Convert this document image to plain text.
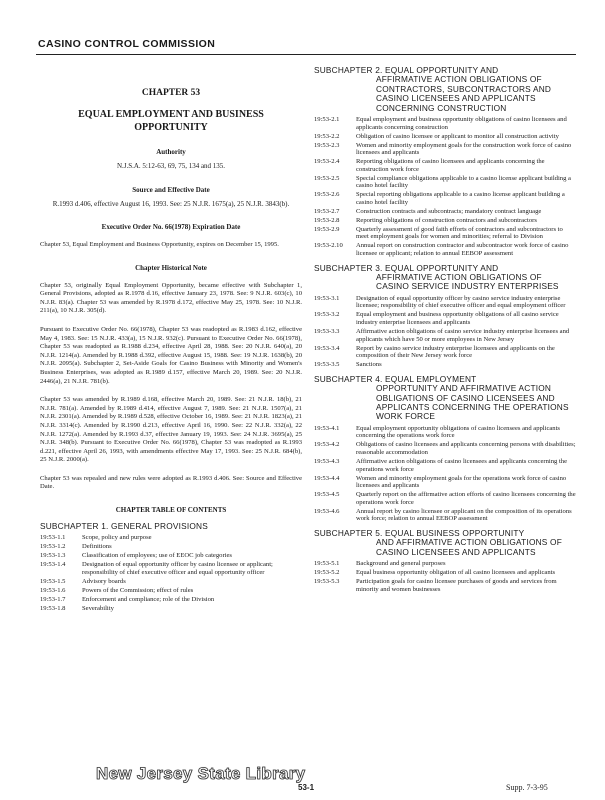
CASINO CONTROL COMMISSION
CHAPTER 53
EQUAL EMPLOYMENT AND BUSINESS OPPORTUNITY
Authority
N.J.S.A. 5:12-63, 69, 75, 134 and 135.
Source and Effective Date
R.1993 d.406, effective August 16, 1993. See: 25 N.J.R. 1675(a), 25 N.J.R. 3843(b).
Executive Order No. 66(1978) Expiration Date
Chapter 53, Equal Employment and Business Opportunity, expires on December 15, 1995.
Chapter Historical Note
Chapter 53, originally Equal Employment Opportunity, became effective with Subchapter 1, General Provisions, adopted as R.1978 d.16, effective January 23, 1978. See: 9 N.J.R. 603(c), 10 N.J.R. 83(a). Chapter 53 was amended by R.1978 d.172, effective May 25, 1978. See: 10 N.J.R. 211(a), 10 N.J.R. 305(d).
Pursuant to Executive Order No. 66(1978), Chapter 53 was readopted as R.1983 d.162, effective May 4, 1983. See: 15 N.J.R. 433(a), 15 N.J.R. 932(c). Pursuant to Executive Order No. 66(1978), Chapter 53 was readopted as R.1988 d.234, effective April 28, 1988. See: 20 N.J.R. 640(a), 20 N.J.R. 1214(a). Amended by R.1988 d.392, effective August 15, 1988. See: 19 N.J.R. 1638(b), 20 N.J.R. 2095(a). Subchapter 2, Set-Aside Goals for Casino Business with Minority and Women's Business Enterprises, was adopted as R.1989 d.157, effective March 20, 1989. See: 20 N.J.R. 2446(a), 21 N.J.R. 781(b).
Chapter 53 was amended by R.1989 d.168, effective March 20, 1989. See: 21 N.J.R. 18(b), 21 N.J.R. 781(a). Amended by R.1989 d.414, effective August 7, 1989. See: 21 N.J.R. 1507(a), 21 N.J.R. 2301(a). Amended by R.1989 d.528, effective October 16, 1989. See: 21 N.J.R. 1823(a), 21 N.J.R. 3314(c). Amended by R.1990 d.213, effective April 16, 1990. See: 22 N.J.R. 332(a), 22 N.J.R. 1272(a). Amended by R.1993 d.37, effective January 19, 1993. See: 24 N.J.R. 3695(a), 25 N.J.R. 348(b). Pursuant to Executive Order No. 66(1978), Chapter 53 was readopted as R.1993 d.221, effective April 26, 1993, with amendments effective May 17, 1993. See: 25 N.J.R. 684(b), 25 N.J.R. 2000(a).
Chapter 53 was repealed and new rules were adopted as R.1993 d.406. See: Source and Effective Date.
CHAPTER TABLE OF CONTENTS
SUBCHAPTER 1. GENERAL PROVISIONS
19:53-1.1	Scope, policy and purpose
19:53-1.2	Definitions
19:53-1.3	Classification of employees; use of EEOC job categories
19:53-1.4	Designation of equal opportunity officer by casino licensee or applicant; responsibility of chief executive officer and equal opportunity officer
19:53-1.5	Advisory boards
19:53-1.6	Powers of the Commission; effect of rules
19:53-1.7	Enforcement and compliance; role of the Division
19:53-1.8	Severability
SUBCHAPTER 2. EQUAL OPPORTUNITY AND
AFFIRMATIVE ACTION OBLIGATIONS OF
CONTRACTORS, SUBCONTRACTORS AND
CASINO LICENSEES AND APPLICANTS
CONCERNING CONSTRUCTION
19:53-2.1	Equal employment and business opportunity obligations of casino licensees and applicants concerning construction
19:53-2.2	Obligation of casino licensee or applicant to monitor all construction activity
19:53-2.3	Women and minority employment goals for the construction work force of casino licensees and applicants
19:53-2.4	Reporting obligations of casino licensees and applicants concerning the construction work force
19:53-2.5	Special compliance obligations applicable to a casino license applicant building a casino hotel facility
19:53-2.6	Special reporting obligations applicable to a casino license applicant building a casino hotel facility
19:53-2.7	Construction contracts and subcontracts; mandatory contract language
19:53-2.8	Reporting obligations of construction contractors and subcontractors
19:53-2.9	Quarterly assessment of good faith efforts of contractors and subcontractors to meet employment goals for women and minorities; referral to Division
19:53-2.10	Annual report on construction contractor and subcontractor work force of casino licensee or applicant; relation to annual EEBOP assessment
SUBCHAPTER 3. EQUAL OPPORTUNITY AND
AFFIRMATIVE ACTION OBLIGATIONS OF
CASINO SERVICE INDUSTRY ENTERPRISES
19:53-3.1	Designation of equal opportunity officer by casino service industry enterprise licensee; responsibility of chief executive officer and equal employment officer
19:53-3.2	Equal employment and business opportunity obligations of all casino service industry enterprise licensees and applicants
19:53-3.3	Affirmative action obligations of casino service industry enterprise licensees and applicants which have 50 or more employees in New Jersey
19:53-3.4	Report by casino service industry enterprise licensees and applicants on the composition of their New Jersey work force
19:53-3.5	Sanctions
SUBCHAPTER 4. EQUAL EMPLOYMENT
OPPORTUNITY AND AFFIRMATIVE ACTION
OBLIGATIONS OF CASINO LICENSEES AND
APPLICANTS CONCERNING THE OPERATIONS
WORK FORCE
19:53-4.1	Equal employment opportunity obligations of casino licensees and applicants concerning the operations work force
19:53-4.2	Obligations of casino licensees and applicants concerning persons with disabilities; reasonable accommodation
19:53-4.3	Affirmative action obligations of casino licensees and applicants concerning the operations work force
19:53-4.4	Women and minority employment goals for the operations work force of casino licensees and applicants
19:53-4.5	Quarterly report on the affirmative action efforts of casino licensees concerning the operations work force
19:53-4.6	Annual report by casino licensee or applicant on the composition of its operations work force; relation to annual EEBOP assessment
SUBCHAPTER 5. EQUAL BUSINESS OPPORTUNITY
AND AFFIRMATIVE ACTION OBLIGATIONS OF
CASINO LICENSEES AND APPLICANTS
19:53-5.1	Background and general purposes
19:53-5.2	Equal business opportunity obligation of all casino licensees and applicants
19:53-5.3	Participation goals for casino licensee purchases of goods and services from minority and women businesses
New Jersey State Library
53-1	Supp. 7-3-95
